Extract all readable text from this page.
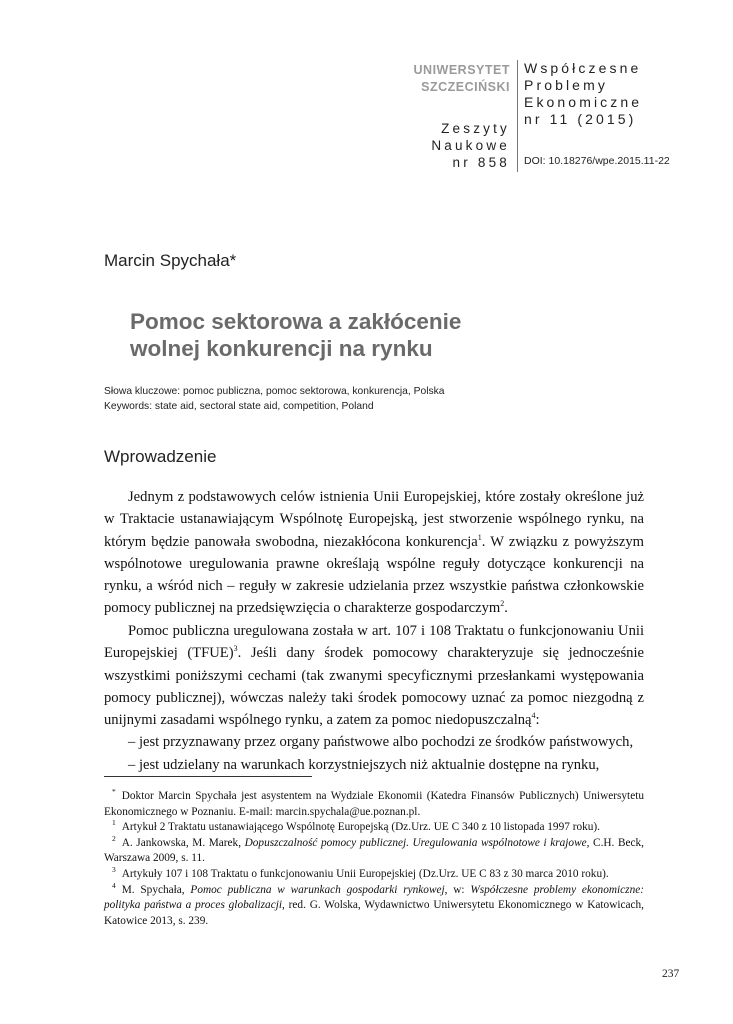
UNIWERSYTET
SZCZECIŃSKI
Zeszyty
Naukowe
nr 858
Współczesne
Problemy
Ekonomiczne
nr 11 (2015)
DOI: 10.18276/wpe.2015.11-22
Marcin Spychała*
Pomoc sektorowa a zakłócenie
wolnej konkurencji na rynku
Słowa kluczowe: pomoc publiczna, pomoc sektorowa, konkurencja, Polska
Keywords: state aid, sectoral state aid, competition, Poland
Wprowadzenie

Jednym z podstawowych celów istnienia Unii Europejskiej, które zostały określone już w Traktacie ustanawiającym Wspólnotę Europejską, jest stworzenie wspólnego rynku, na którym będzie panowała swobodna, niezakłócona konkurencja$^1$. W związku z powyższym wspólnotowe uregulowania prawne określają wspólne reguły dotyczące konkurencji na rynku, a wśród nich – reguły w zakresie udzielania przez wszystkie państwa członkowskie pomocy publicznej na przedsięwzięcia o charakterze gospodarczym$^2$.

Pomoc publiczna uregulowana została w art. 107 i 108 Traktatu o funkcjonowaniu Unii Europejskiej (TFUE)$^3$. Jeśli dany środek pomocowy charakteryzuje się jednocześnie wszystkimi poniższymi cechami (tak zwanymi specyficznymi przesłankami występowania pomocy publicznej), wówczas należy taki środek pomocowy uznać za pomoc niezgodną z unijnymi zasadami wspólnego rynku, a zatem za pomoc niedopuszczalną$^4$:

– jest przyznawany przez organy państwowe albo pochodzi ze środków państwowych,

– jest udzielany na warunkach korzystniejszych niż aktualnie dostępne na rynku,

* Doktor Marcin Spychała jest asystentem na Wydziale Ekonomii (Katedra Finansów Publicznych) Uniwersytetu Ekonomicznego w Poznaniu. E-mail: marcin.spychala@ue.poznan.pl.

$^1$ Artykuł 2 Traktatu ustanawiającego Wspólnotę Europejską (Dz.Urz. UE C 340 z 10 listopada 1997 roku).

$^2$ A. Jankowska, M. Marek, Dopuszczalność pomocy publicznej. Uregulowania wspólnotowe i krajowe, C.H. Beck, Warszawa 2009, s. 11.

$^3$ Artykuły 107 i 108 Traktatu o funkcjonowaniu Unii Europejskiej (Dz.Urz. UE C 83 z 30 marca 2010 roku).

$^4$ M. Spychała, Pomoc publiczna w warunkach gospodarki rynkowej, w: Współczesne problemy ekonomiczne: polityka państwa a proces globalizacji, red. G. Wolska, Wydawnictwo Uniwersytetu Ekonomicznego w Katowicach, Katowice 2013, s. 239.

237
